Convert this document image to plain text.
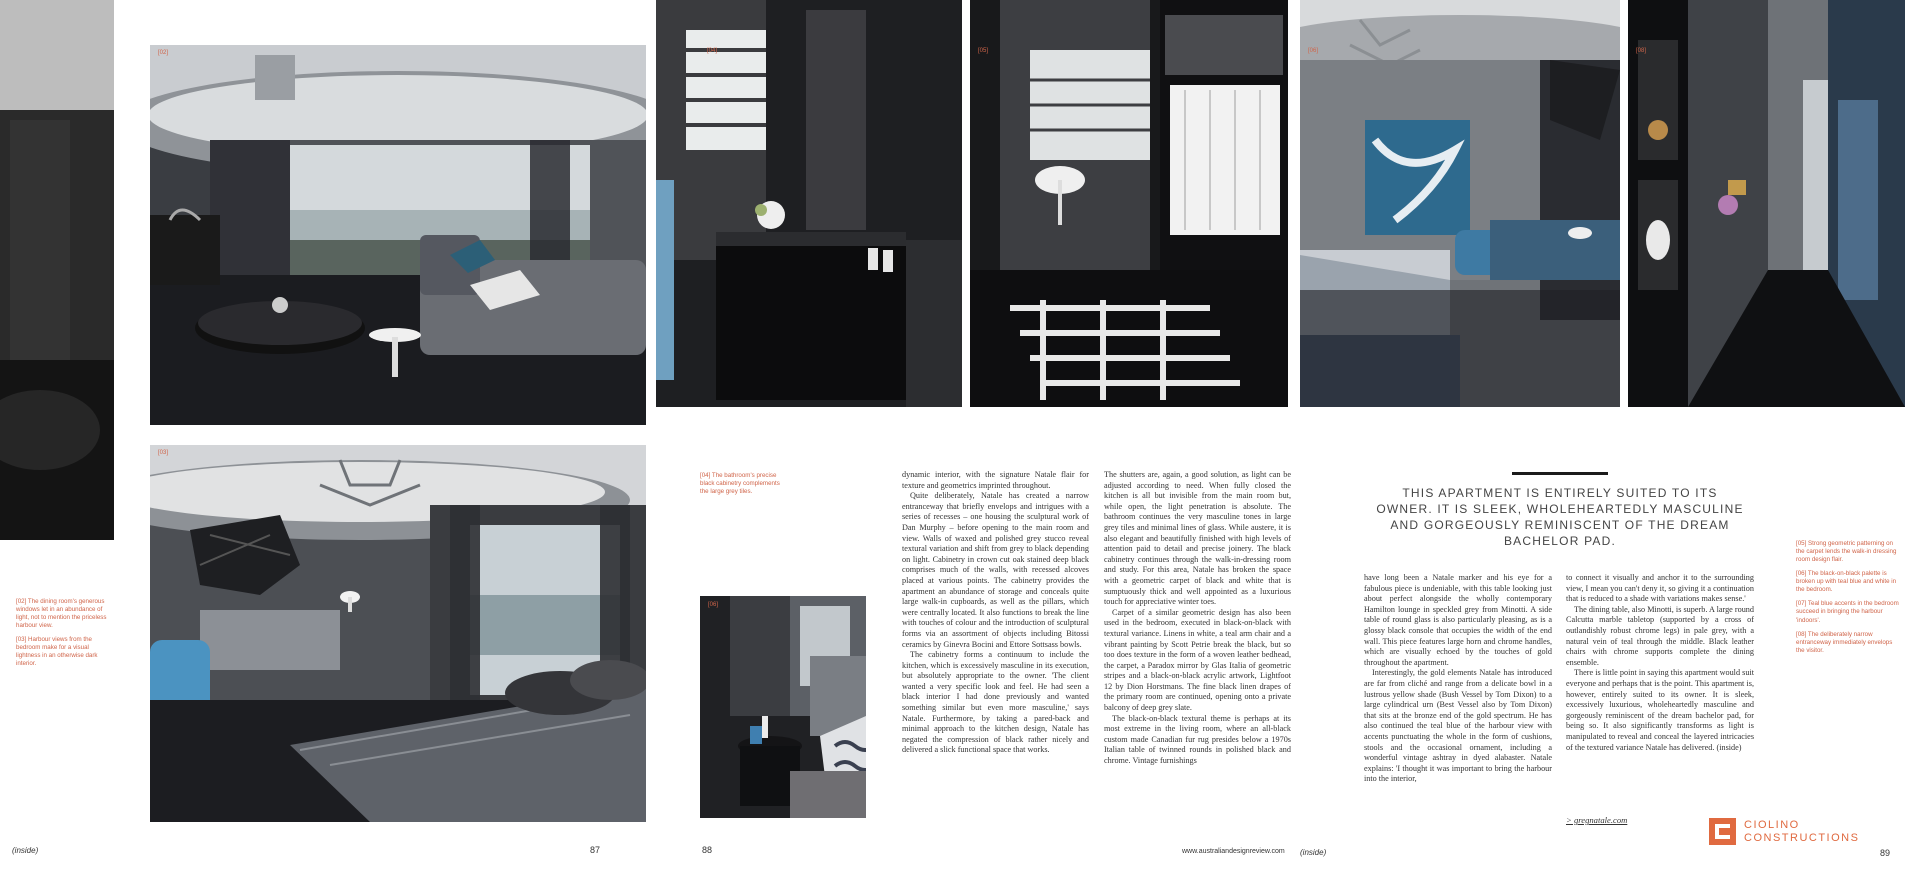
[02]
[03]
[04]	[05]	[06]	[08]
[06]

[02] The dining room's generous windows let in an abundance of light, not to mention the priceless harbour view.

[03] Harbour views from the bedroom make for a visual lightness in an otherwise dark interior.

[04] The bathroom's precise black cabinetry complements the large grey tiles.

[05] Strong geometric patterning on the carpet lends the walk-in dressing room design flair.

[06] The black-on-black palette is broken up with teal blue and white in the bedroom.

[07] Teal blue accents in the bedroom succeed in bringing the harbour 'indoors'.

[08] The deliberately narrow entranceway immediately envelops the visitor.

dynamic interior, with the signature Natale flair for texture and geometrics imprinted throughout.

Quite deliberately, Natale has created a narrow entranceway that briefly envelops and intrigues with a series of recesses – one housing the sculptural work of Dan Murphy – before opening to the main room and view. Walls of waxed and polished grey stucco reveal textural variation and shift from grey to black depending on light. Cabinetry in crown cut oak stained deep black comprises much of the walls, with recessed alcoves placed at various points. The cabinetry provides the apartment an abundance of storage and conceals quite large walk-in cupboards, as well as the pillars, which were centrally located. It also functions to break the line with touches of colour and the introduction of sculptural forms via an assortment of objects including Bitossi ceramics by Ginevra Bocini and Ettore Sottsass bowls.

The cabinetry forms a continuum to include the kitchen, which is excessively masculine in its execution, but absolutely appropriate to the owner. 'The client wanted a very specific look and feel. He had seen a black interior I had done previously and wanted something similar but even more masculine,' says Natale. Furthermore, by taking a pared-back and minimal approach to the kitchen design, Natale has negated the compression of black rather nicely and delivered a slick functional space that works.

The shutters are, again, a good solution, as light can be adjusted according to need. When fully closed the kitchen is all but invisible from the main room but, while open, the light penetration is absolute. The bathroom continues the very masculine tones in large grey tiles and minimal lines of glass. While austere, it is also elegant and beautifully finished with high levels of attention paid to detail and precise joinery. The black cabinetry continues through the walk-in-dressing room and study. For this area, Natale has broken the space with a geometric carpet of black and white that is sumptuously thick and well appointed as a luxurious touch for appreciative winter toes.

Carpet of a similar geometric design has also been used in the bedroom, executed in black-on-black with textural variance. Linens in white, a teal arm chair and a vibrant painting by Scott Petrie break the black, but so too does texture in the form of a woven leather bedhead, the carpet, a Paradox mirror by Glas Italia of geometric stripes and a black-on-black acrylic artwork, Lightfoot 12 by Dion Horstmans. The fine black linen drapes of the primary room are continued, opening onto a private balcony of deep grey slate.

The black-on-black textural theme is perhaps at its most extreme in the living room, where an all-black custom made Canadian fur rug presides below a 1970s Italian table of twinned rounds in polished black and chrome. Vintage furnishings

THIS APARTMENT IS ENTIRELY SUITED TO ITS OWNER. IT IS SLEEK, WHOLEHEARTEDLY MASCULINE AND GORGEOUSLY REMINISCENT OF THE DREAM BACHELOR PAD.

have long been a Natale marker and his eye for a fabulous piece is undeniable, with this table looking just about perfect alongside the wholly contemporary Hamilton lounge in speckled grey from Minotti. A side table of round glass is also particularly pleasing, as is a glossy black console that occupies the width of the end wall. This piece features large horn and chrome handles, which are visually echoed by the touches of gold throughout the apartment.

Interestingly, the gold elements Natale has introduced are far from cliché and range from a delicate bowl in a lustrous yellow shade (Bush Vessel by Tom Dixon) to a large cylindrical urn (Best Vessel also by Tom Dixon) that sits at the bronze end of the gold spectrum. He has also continued the teal blue of the harbour view with accents punctuating the whole in the form of cushions, stools and the occasional ornament, including a wonderful vintage ashtray in dyed alabaster. Natale explains: 'I thought it was important to bring the harbour into the interior,

to connect it visually and anchor it to the surrounding view, I mean you can't deny it, so giving it a continuation that is reduced to a shade with variations makes sense.'

The dining table, also Minotti, is superb. A large round Calcutta marble tabletop (supported by a cross of outlandishly robust chrome legs) in pale grey, with a natural vein of teal through the middle. Black leather chairs with chrome supports complete the dining ensemble.

There is little point in saying this apartment would suit everyone and perhaps that is the point. This apartment is, however, entirely suited to its owner. It is sleek, excessively luxurious, wholeheartedly masculine and gorgeously reminiscent of the dream bachelor pad, for being so. It also significantly transforms as light is manipulated to reveal and conceal the layered intricacies of the textured variance Natale has delivered. (inside)

> gregnatale.com
(inside)	87	88	www.australiandesignreview.com (inside)	89
CIOLINO
CONSTRUCTIONS
